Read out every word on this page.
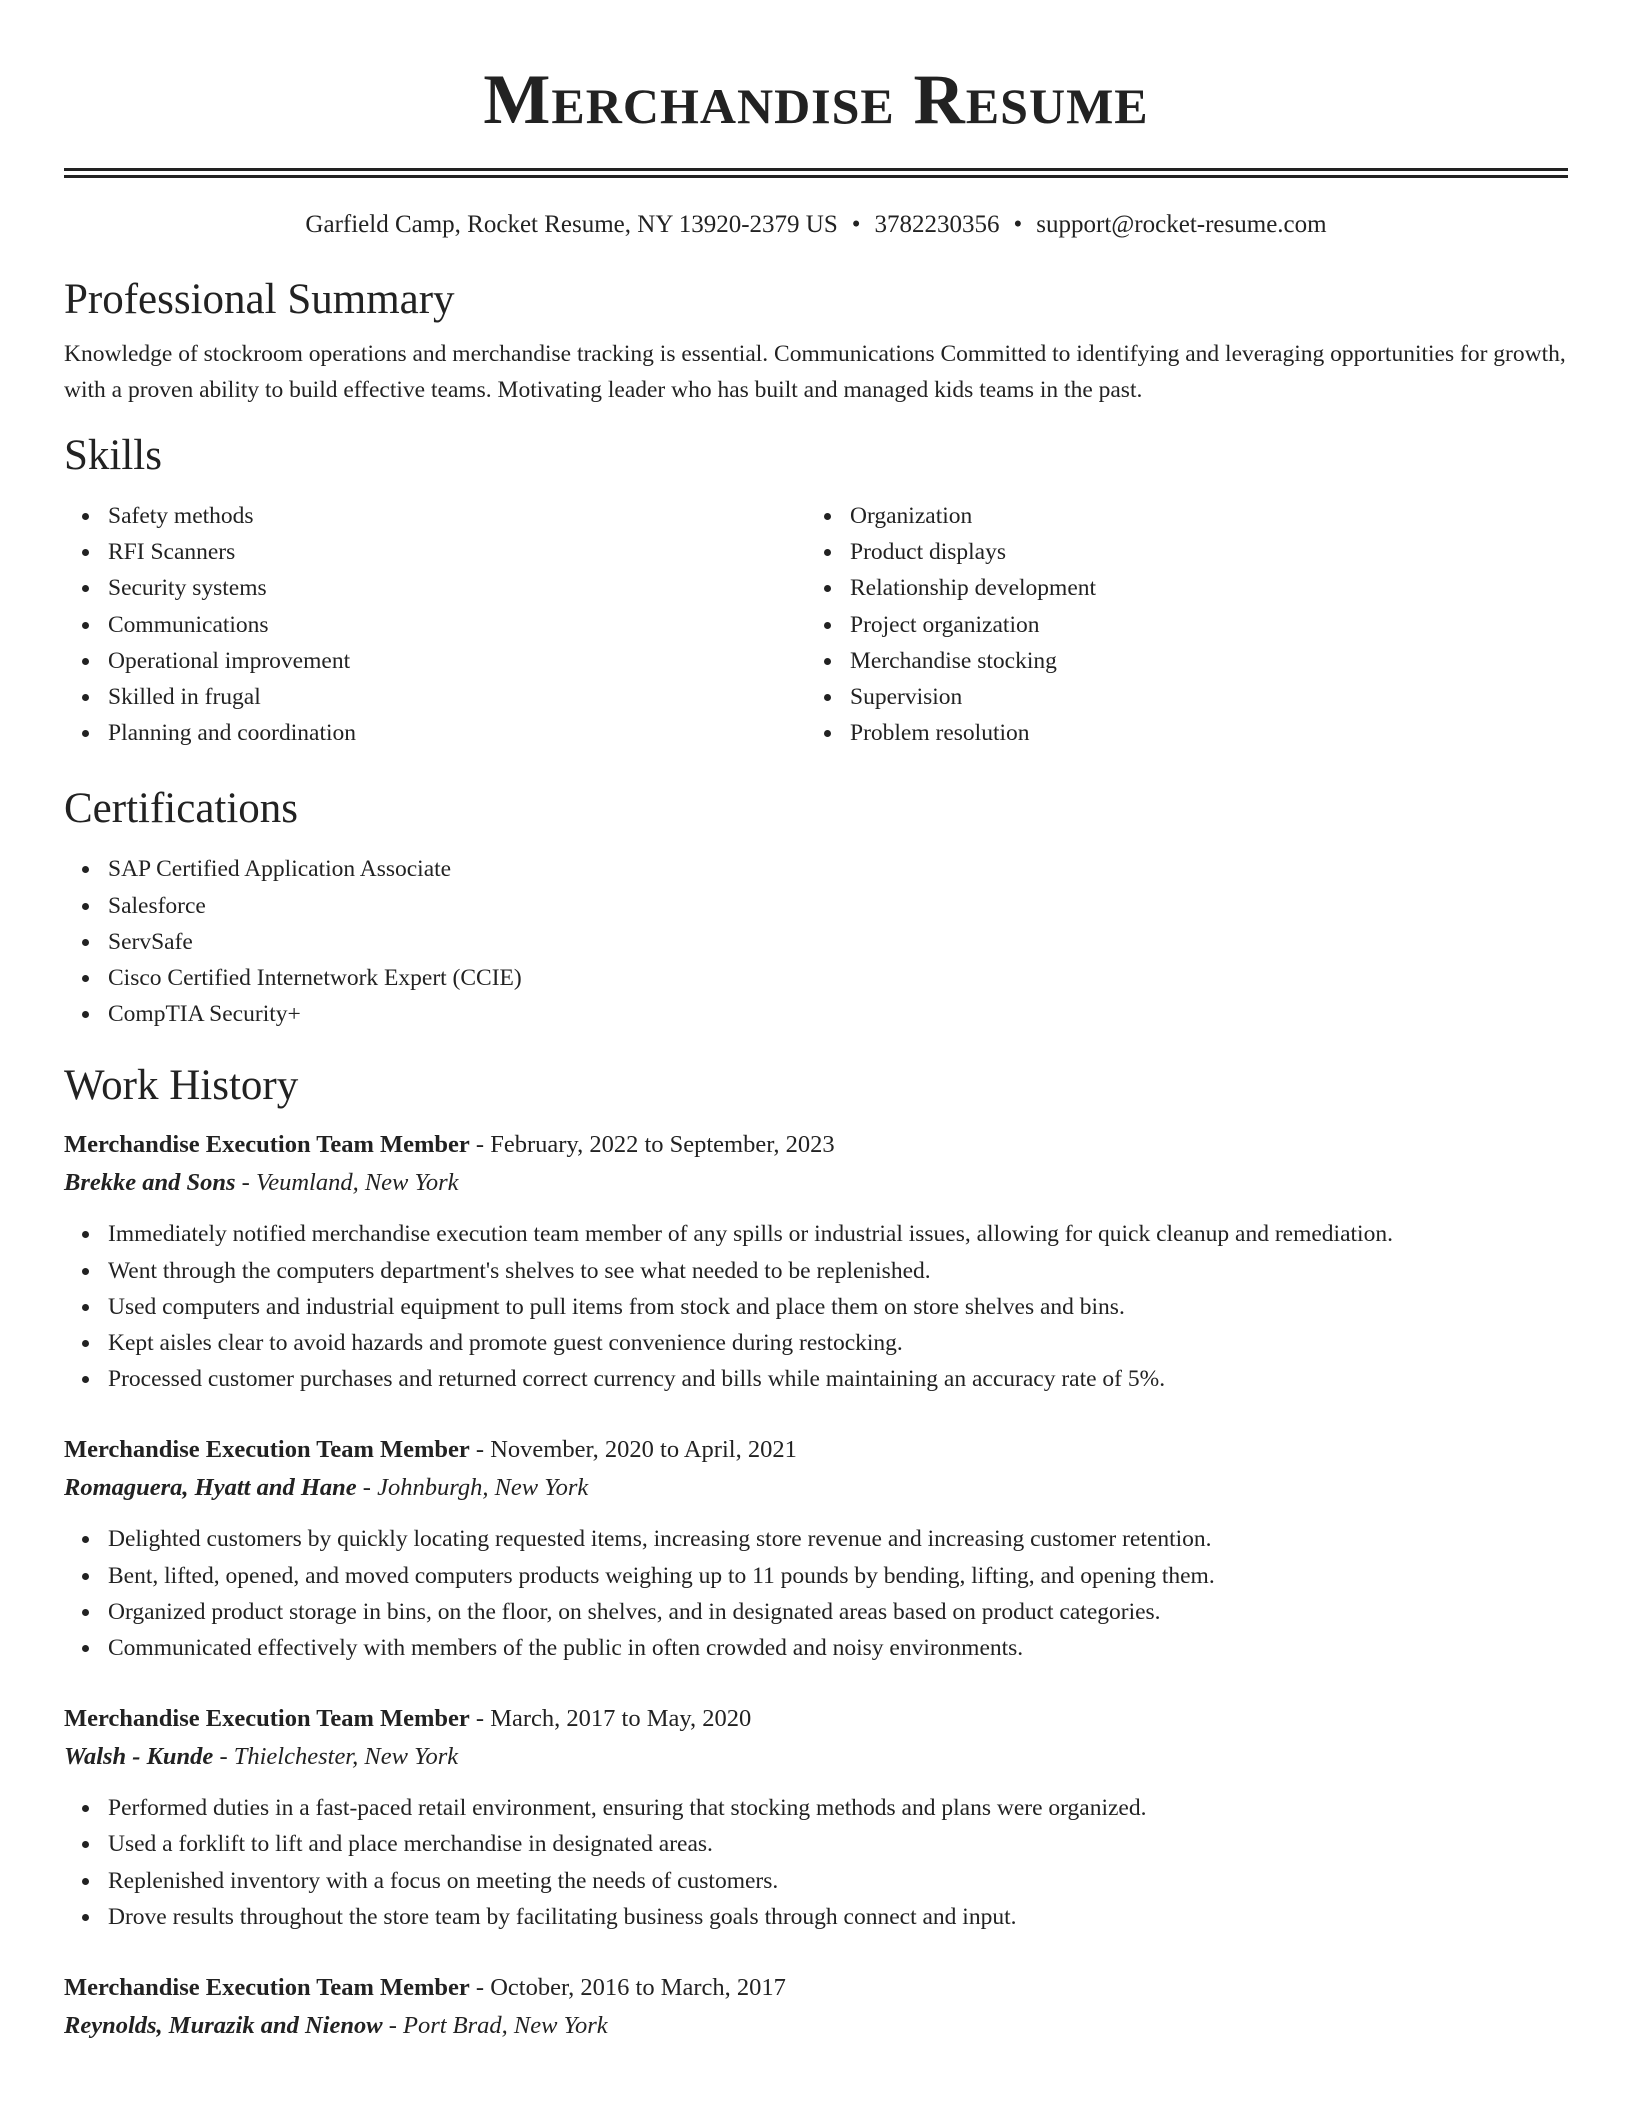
Merchandise Resume
Garfield Camp, Rocket Resume, NY 13920-2379 US • 3782230356 • support@rocket-resume.com
Professional Summary
Knowledge of stockroom operations and merchandise tracking is essential. Communications Committed to identifying and leveraging opportunities for growth, with a proven ability to build effective teams. Motivating leader who has built and managed kids teams in the past.
Skills
Safety methods
RFI Scanners
Security systems
Communications
Operational improvement
Skilled in frugal
Planning and coordination
Organization
Product displays
Relationship development
Project organization
Merchandise stocking
Supervision
Problem resolution
Certifications
SAP Certified Application Associate
Salesforce
ServSafe
Cisco Certified Internetwork Expert (CCIE)
CompTIA Security+
Work History
Merchandise Execution Team Member - February, 2022 to September, 2023
Brekke and Sons - Veumland, New York
Immediately notified merchandise execution team member of any spills or industrial issues, allowing for quick cleanup and remediation.
Went through the computers department's shelves to see what needed to be replenished.
Used computers and industrial equipment to pull items from stock and place them on store shelves and bins.
Kept aisles clear to avoid hazards and promote guest convenience during restocking.
Processed customer purchases and returned correct currency and bills while maintaining an accuracy rate of 5%.
Merchandise Execution Team Member - November, 2020 to April, 2021
Romaguera, Hyatt and Hane - Johnburgh, New York
Delighted customers by quickly locating requested items, increasing store revenue and increasing customer retention.
Bent, lifted, opened, and moved computers products weighing up to 11 pounds by bending, lifting, and opening them.
Organized product storage in bins, on the floor, on shelves, and in designated areas based on product categories.
Communicated effectively with members of the public in often crowded and noisy environments.
Merchandise Execution Team Member - March, 2017 to May, 2020
Walsh - Kunde - Thielchester, New York
Performed duties in a fast-paced retail environment, ensuring that stocking methods and plans were organized.
Used a forklift to lift and place merchandise in designated areas.
Replenished inventory with a focus on meeting the needs of customers.
Drove results throughout the store team by facilitating business goals through connect and input.
Merchandise Execution Team Member - October, 2016 to March, 2017
Reynolds, Murazik and Nienow - Port Brad, New York
